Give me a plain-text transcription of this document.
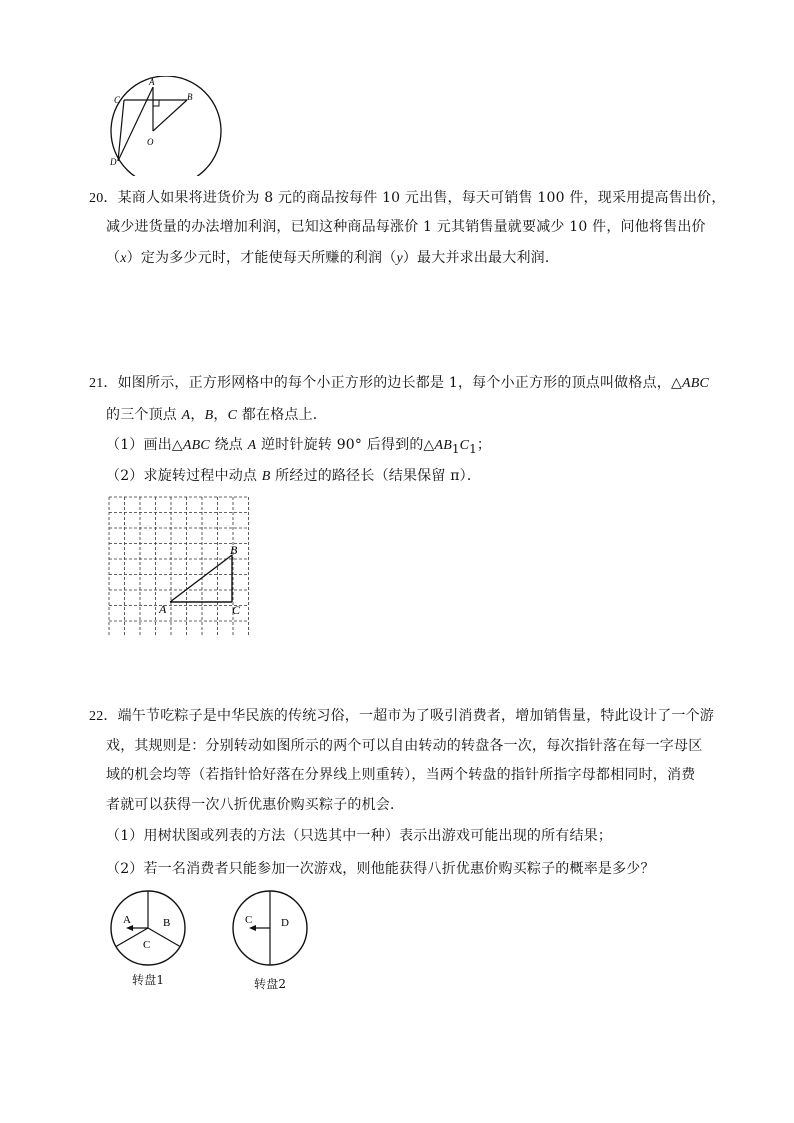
A
B
C
D
O
20．某商人如果将进货价为 8 元的商品按每件 10 元出售，每天可销售 100 件，现采用提高售出价，
减少进货量的办法增加利润，已知这种商品每涨价 1 元其销售量就要减少 10 件，问他将售出价
（x）定为多少元时，才能使每天所赚的利润（y）最大并求出最大利润．
21．如图所示，正方形网格中的每个小正方形的边长都是 1，每个小正方形的顶点叫做格点，△ABC
的三个顶点 A，B，C 都在格点上．
（1）画出△ABC 绕点 A 逆时针旋转 90° 后得到的$\triangle AB_1C_1$；
（2）求旋转过程中动点 B 所经过的路径长（结果保留 π）．
A
B
C
22．端午节吃粽子是中华民族的传统习俗，一超市为了吸引消费者，增加销售量，特此设计了一个游
戏，其规则是：分别转动如图所示的两个可以自由转动的转盘各一次，每次指针落在每一字母区
域的机会均等（若指针恰好落在分界线上则重转），当两个转盘的指针所指字母都相同时，消费
者就可以获得一次八折优惠价购买粽子的机会．
（1）用树状图或列表的方法（只选其中一种）表示出游戏可能出现的所有结果；
（2）若一名消费者只能参加一次游戏，则他能获得八折优惠价购买粽子的概率是多少？
A	B
C
转盘1
C	D
转盘2
